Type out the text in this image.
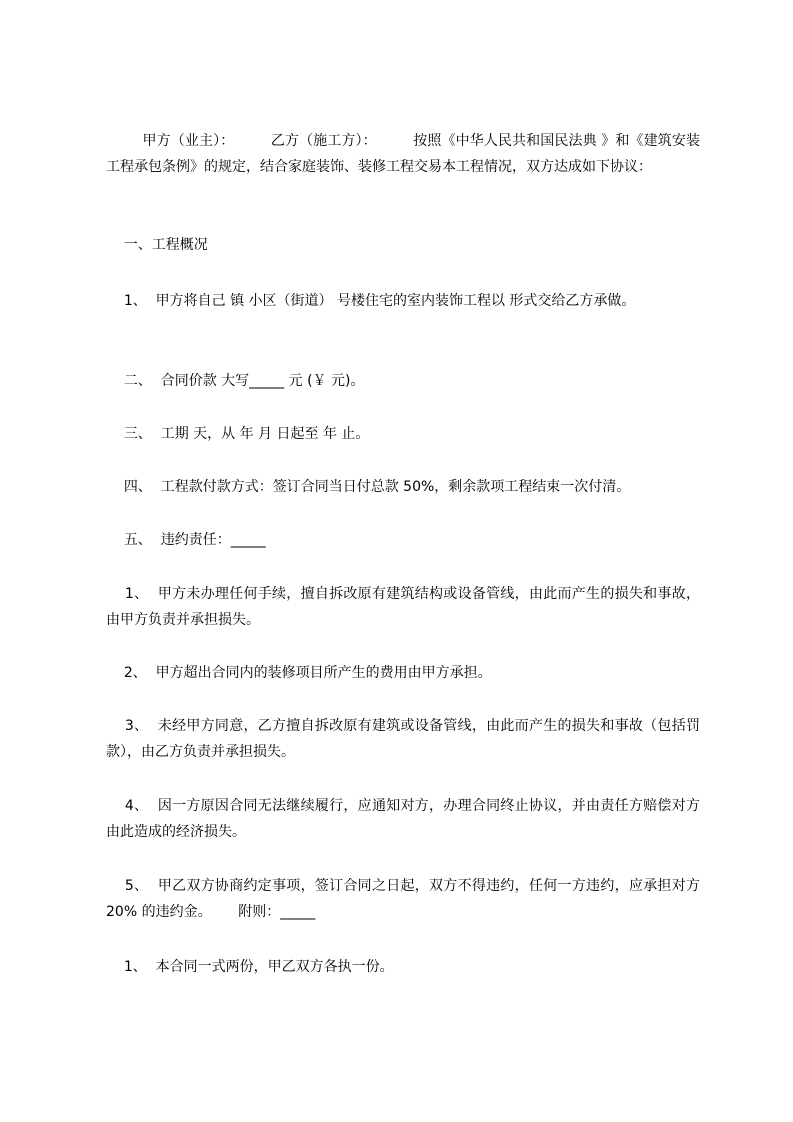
甲方（业主）：        乙方（施工方）：        按照《中华人民共和国民法典 》和《建筑安装工程承包条例》的规定，结合家庭装饰、装修工程交易本工程情况，双方达成如下协议：
一、工程概况
1、  甲方将自己 镇 小区（街道） 号楼住宅的室内装饰工程以 形式交给乙方承做。
二、  合同价款 大写_____ 元 (￥ 元)。
三、  工期 天，从 年 月 日起至 年 止。
四、  工程款付款方式：签订合同当日付总款 50%，剩余款项工程结束一次付清。
五、  违约责任：_____
1、  甲方未办理任何手续，擅自拆改原有建筑结构或设备管线，由此而产生的损失和事故，由甲方负责并承担损失。
2、  甲方超出合同内的装修项目所产生的费用由甲方承担。
3、  未经甲方同意，乙方擅自拆改原有建筑或设备管线，由此而产生的损失和事故（包括罚款），由乙方负责并承担损失。
4、  因一方原因合同无法继续履行，应通知对方，办理合同终止协议，并由责任方赔偿对方由此造成的经济损失。
5、  甲乙双方协商约定事项，签订合同之日起，双方不得违约，任何一方违约，应承担对方 20% 的违约金。      附则：_____
1、  本合同一式两份，甲乙双方各执一份。
